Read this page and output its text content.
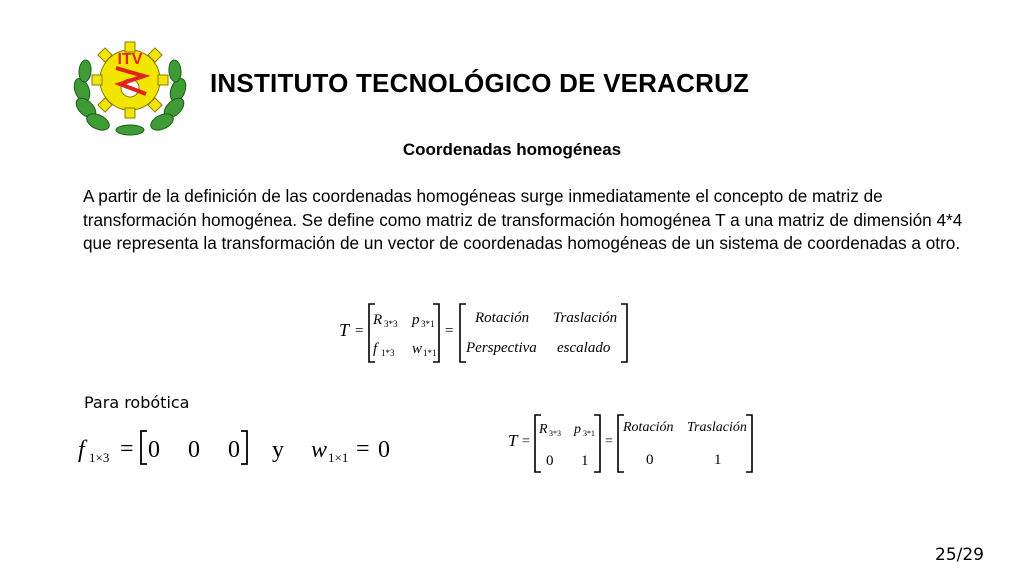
ITV
INSTITUTO TECNOLÓGICO DE VERACRUZ
Coordenadas homogéneas
A partir de la definición de las coordenadas homogéneas surge inmediatamente el concepto de matriz de transformación homogénea. Se define como matriz de transformación homogénea T a una matriz de dimensión 4*4 que representa la transformación de un vector de coordenadas homogéneas de un sistema de coordenadas a otro.
T =
R 3*3 p 3*1
f 1*3 w 1*1
=
Rotación Traslación
Perspectiva escalado
Para robótica
f 1×3 = 0 0 0 y w 1×1 = 0	T =
R 3*3 p 3*1
0 1
=
Rotación Traslación
0	1
25/29
